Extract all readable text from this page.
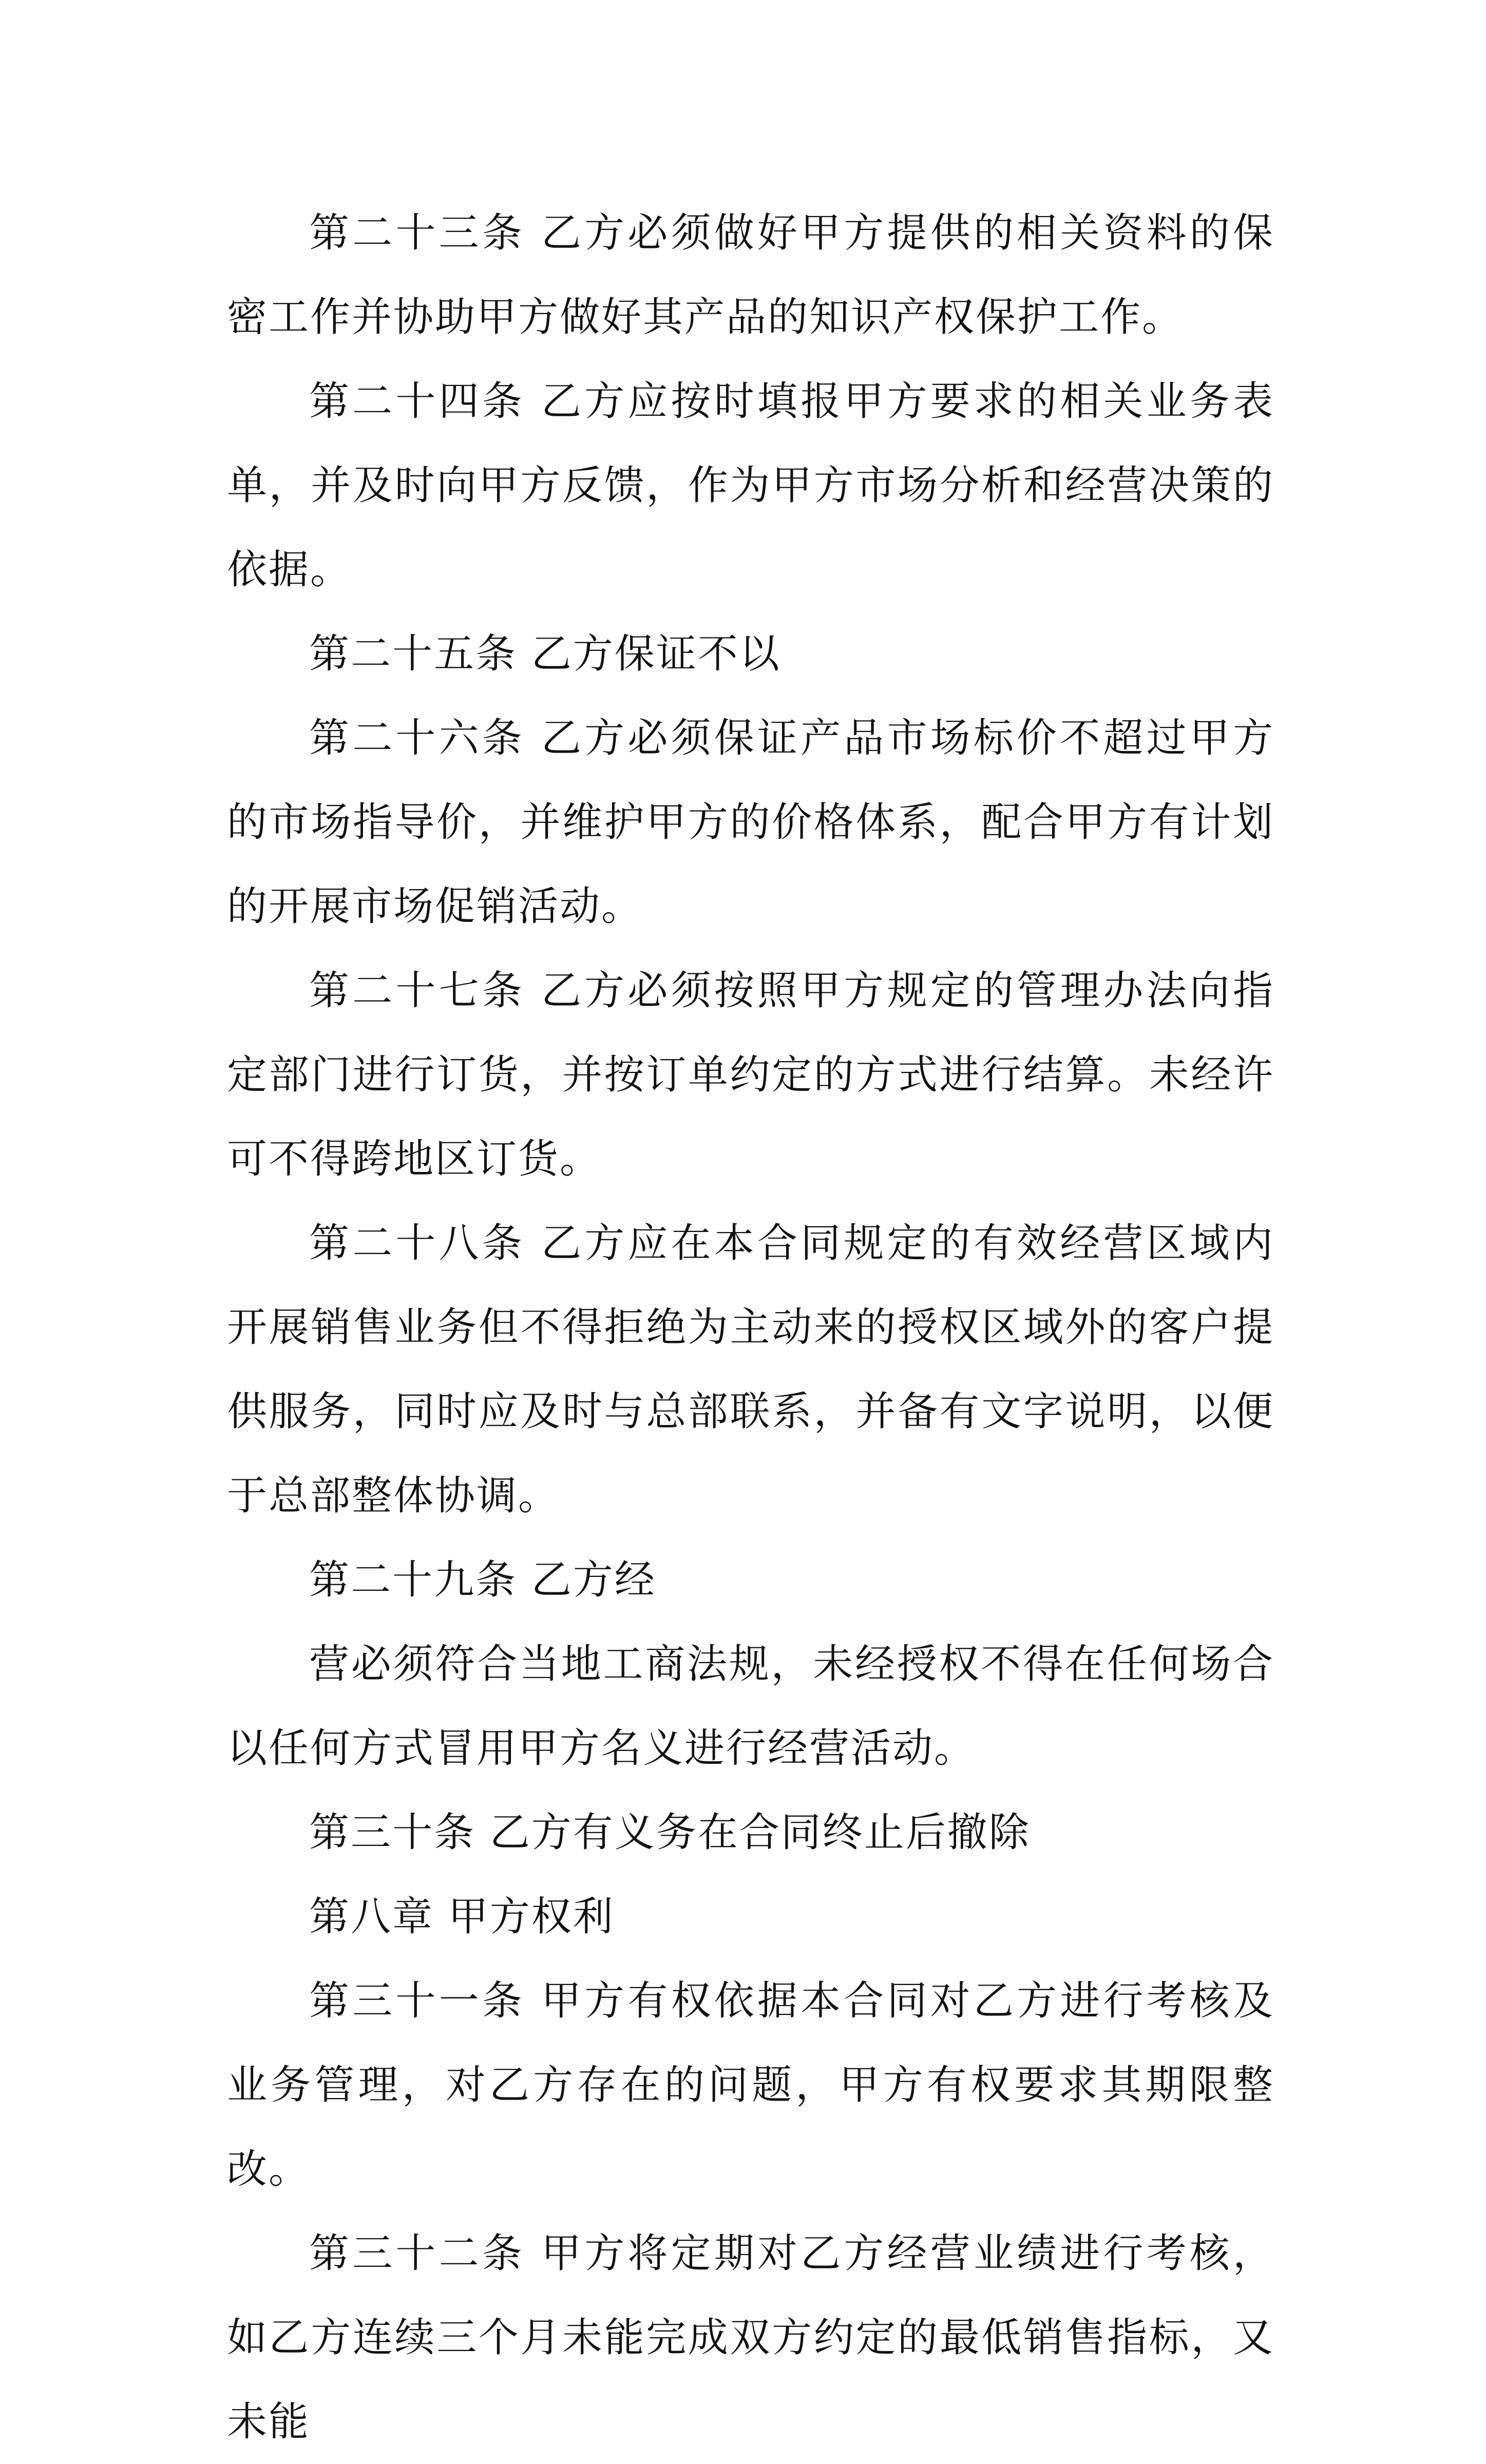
第二十三条 乙方必须做好甲方提供的相关资料的保密工作并协助甲方做好其产品的知识产权保护工作。

第二十四条 乙方应按时填报甲方要求的相关业务表单，并及时向甲方反馈，作为甲方市场分析和经营决策的依据。

第二十五条 乙方保证不以

第二十六条 乙方必须保证产品市场标价不超过甲方的市场指导价，并维护甲方的价格体系，配合甲方有计划的开展市场促销活动。

第二十七条 乙方必须按照甲方规定的管理办法向指定部门进行订货，并按订单约定的方式进行结算。未经许可不得跨地区订货。

第二十八条 乙方应在本合同规定的有效经营区域内开展销售业务但不得拒绝为主动来的授权区域外的客户提供服务，同时应及时与总部联系，并备有文字说明，以便于总部整体协调。

第二十九条 乙方经

营必须符合当地工商法规，未经授权不得在任何场合以任何方式冒用甲方名义进行经营活动。

第三十条 乙方有义务在合同终止后撤除

第八章 甲方权利

第三十一条 甲方有权依据本合同对乙方进行考核及业务管理，对乙方存在的问题，甲方有权要求其期限整改。

第三十二条 甲方将定期对乙方经营业绩进行考核，如乙方连续三个月未能完成双方约定的最低销售指标，又未能
